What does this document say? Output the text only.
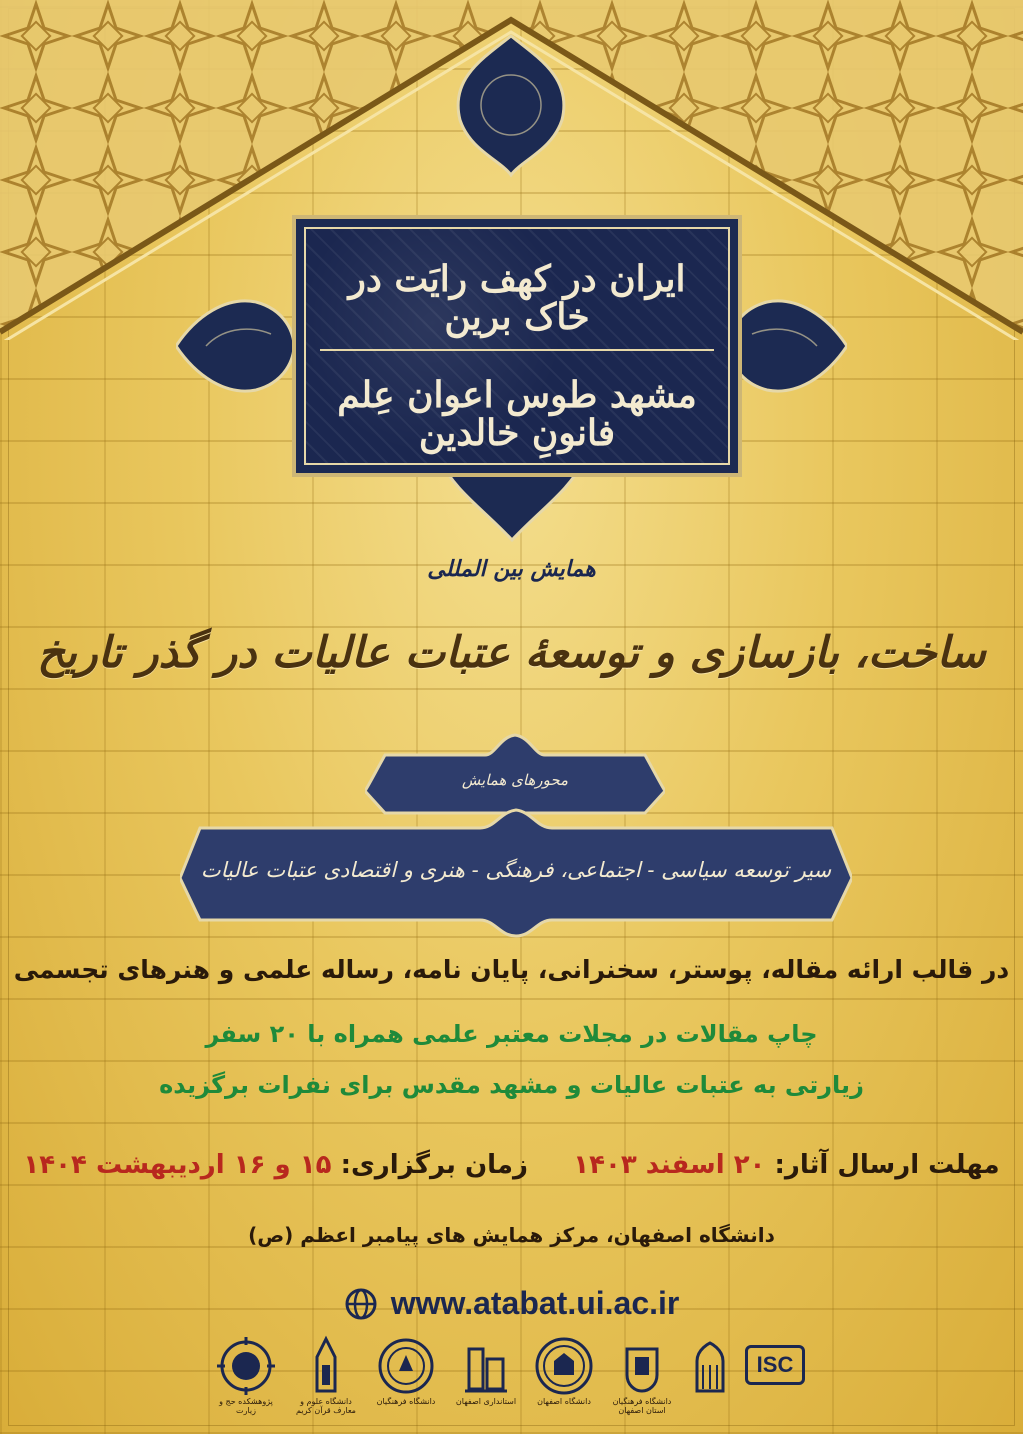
ایران در کهف رایَت در خاک برین
مشهد طوس اعوان عِلم فانونِ خالدین
همایش بین المللی
ساخت، بازسازی و توسعهٔ عتبات عالیات در گذر تاریخ
محورهای همایش
سیر توسعه سیاسی - اجتماعی، فرهنگی - هنری و اقتصادی عتبات عالیات
در قالب ارائه مقاله، پوستر، سخنرانی، پایان نامه، رساله علمی و هنرهای تجسمی
چاپ مقالات در مجلات معتبر علمی همراه با ۲۰ سفر
زیارتی به عتبات عالیات و مشهد مقدس برای نفرات برگزیده
مهلت ارسال آثار: ۲۰ اسفند ۱۴۰۳     زمان برگزاری: ۱۵ و ۱۶ اردیبهشت ۱۴۰۴
دانشگاه اصفهان، مرکز همایش های پیامبر اعظم (ص)
www.atabat.ui.ac.ir
پژوهشکده حج و زیارت
دانشگاه علوم و معارف قرآن کریم
دانشگاه فرهنگیان	استانداری اصفهان	دانشگاه اصفهان	دانشگاه فرهنگیان استان اصفهان
ISC
